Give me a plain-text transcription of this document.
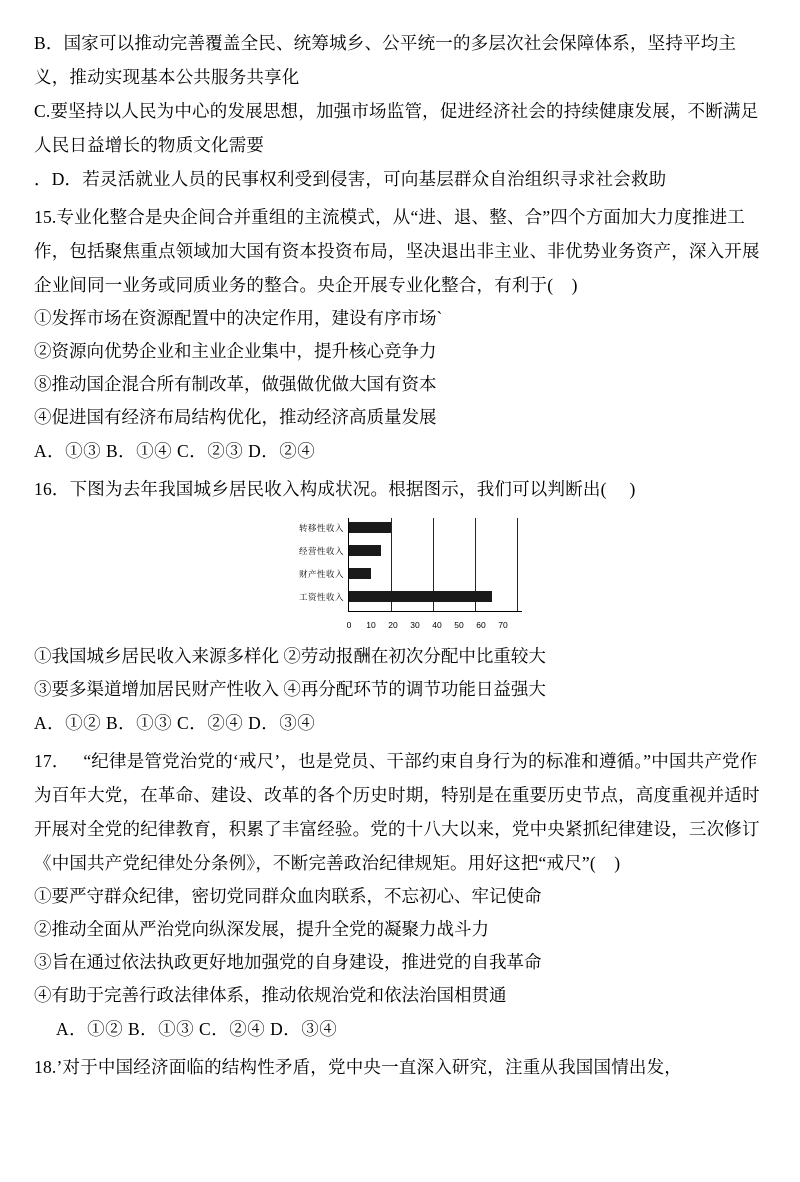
B．国家可以推动完善覆盖全民、统筹城乡、公平统一的多层次社会保障体系，坚持平均主义，推动实现基本公共服务共享化
C.要坚持以人民为中心的发展思想，加强市场监管，促进经济社会的持续健康发展，不断满足人民日益增长的物质文化需要
．D．若灵活就业人员的民事权利受到侵害，可向基层群众自治组织寻求社会救助
15.专业化整合是央企间合并重组的主流模式，从“进、退、整、合”四个方面加大力度推进工作，包括聚焦重点领域加大国有资本投资布局，坚决退出非主业、非优势业务资产，深入开展企业间同一业务或同质业务的整合。央企开展专业化整合，有利于(    )
①发挥市场在资源配置中的决定作用，建设有序市场`
②资源向优势企业和主业企业集中，提升核心竞争力
⑧推动国企混合所有制改革，做强做优做大国有资本
④促进国有经济布局结构优化，推动经济高质量发展
A．①③ B．①④ C．②③ D．②④
16．下图为去年我国城乡居民收入构成状况。根据图示，我们可以判断出(     )
转移性收入
经营性收入
财产性收入
工资性收入
0 10 20 30 40 50 60 70
①我国城乡居民收入来源多样化 ②劳动报酬在初次分配中比重较大
③要多渠道增加居民财产性收入 ④再分配环节的调节功能日益强大
A．①② B．①③ C．②④ D．③④
17．   “纪律是管党治党的‘戒尺’，也是党员、干部约束自身行为的标准和遵循。”中国共产党作为百年大党，在革命、建设、改革的各个历史时期，特别是在重要历史节点，高度重视并适时开展对全党的纪律教育，积累了丰富经验。党的十八大以来，党中央紧抓纪律建设，三次修订《中国共产党纪律处分条例》，不断完善政治纪律规矩。用好这把“戒尺”(    )
①要严守群众纪律，密切党同群众血肉联系，不忘初心、牢记使命
②推动全面从严治党向纵深发展，提升全党的凝聚力战斗力
③旨在通过依法执政更好地加强党的自身建设，推进党的自我革命
④有助于完善行政法律体系，推动依规治党和依法治国相贯通
A．①② B．①③ C．②④ D．③④
18.’对于中国经济面临的结构性矛盾，党中央一直深入研究，注重从我国国情出发，
